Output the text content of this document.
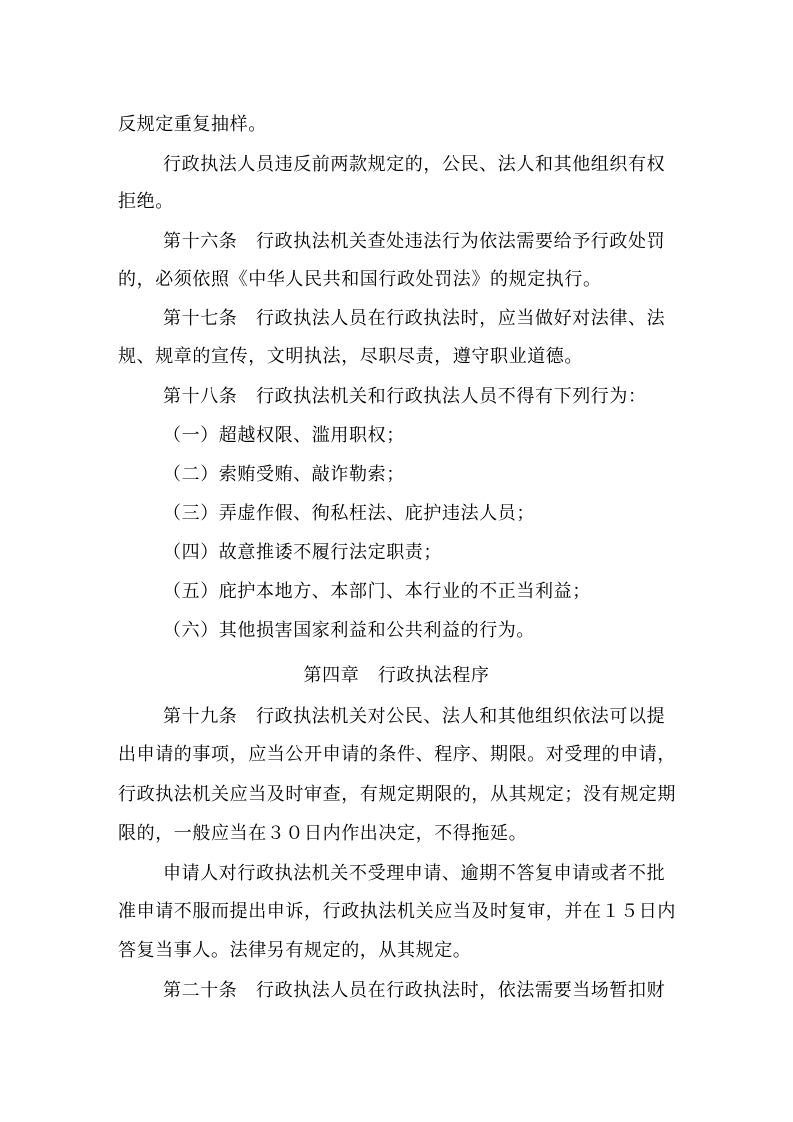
反规定重复抽样。
行政执法人员违反前两款规定的，公民、法人和其他组织有权
拒绝。
第十六条　行政执法机关查处违法行为依法需要给予行政处罚
的，必须依照《中华人民共和国行政处罚法》的规定执行。
第十七条　行政执法人员在行政执法时，应当做好对法律、法
规、规章的宣传，文明执法，尽职尽责，遵守职业道德。
第十八条　行政执法机关和行政执法人员不得有下列行为：
（一）超越权限、滥用职权；
（二）索贿受贿、敲诈勒索；
（三）弄虚作假、徇私枉法、庇护违法人员；
（四）故意推诿不履行法定职责；
（五）庇护本地方、本部门、本行业的不正当利益；
（六）其他损害国家利益和公共利益的行为。
第四章　行政执法程序
第十九条　行政执法机关对公民、法人和其他组织依法可以提
出申请的事项，应当公开申请的条件、程序、期限。对受理的申请，
行政执法机关应当及时审查，有规定期限的，从其规定；没有规定期
限的，一般应当在３０日内作出决定，不得拖延。
申请人对行政执法机关不受理申请、逾期不答复申请或者不批
准申请不服而提出申诉，行政执法机关应当及时复审，并在１５日内
答复当事人。法律另有规定的，从其规定。
第二十条　行政执法人员在行政执法时，依法需要当场暂扣财
